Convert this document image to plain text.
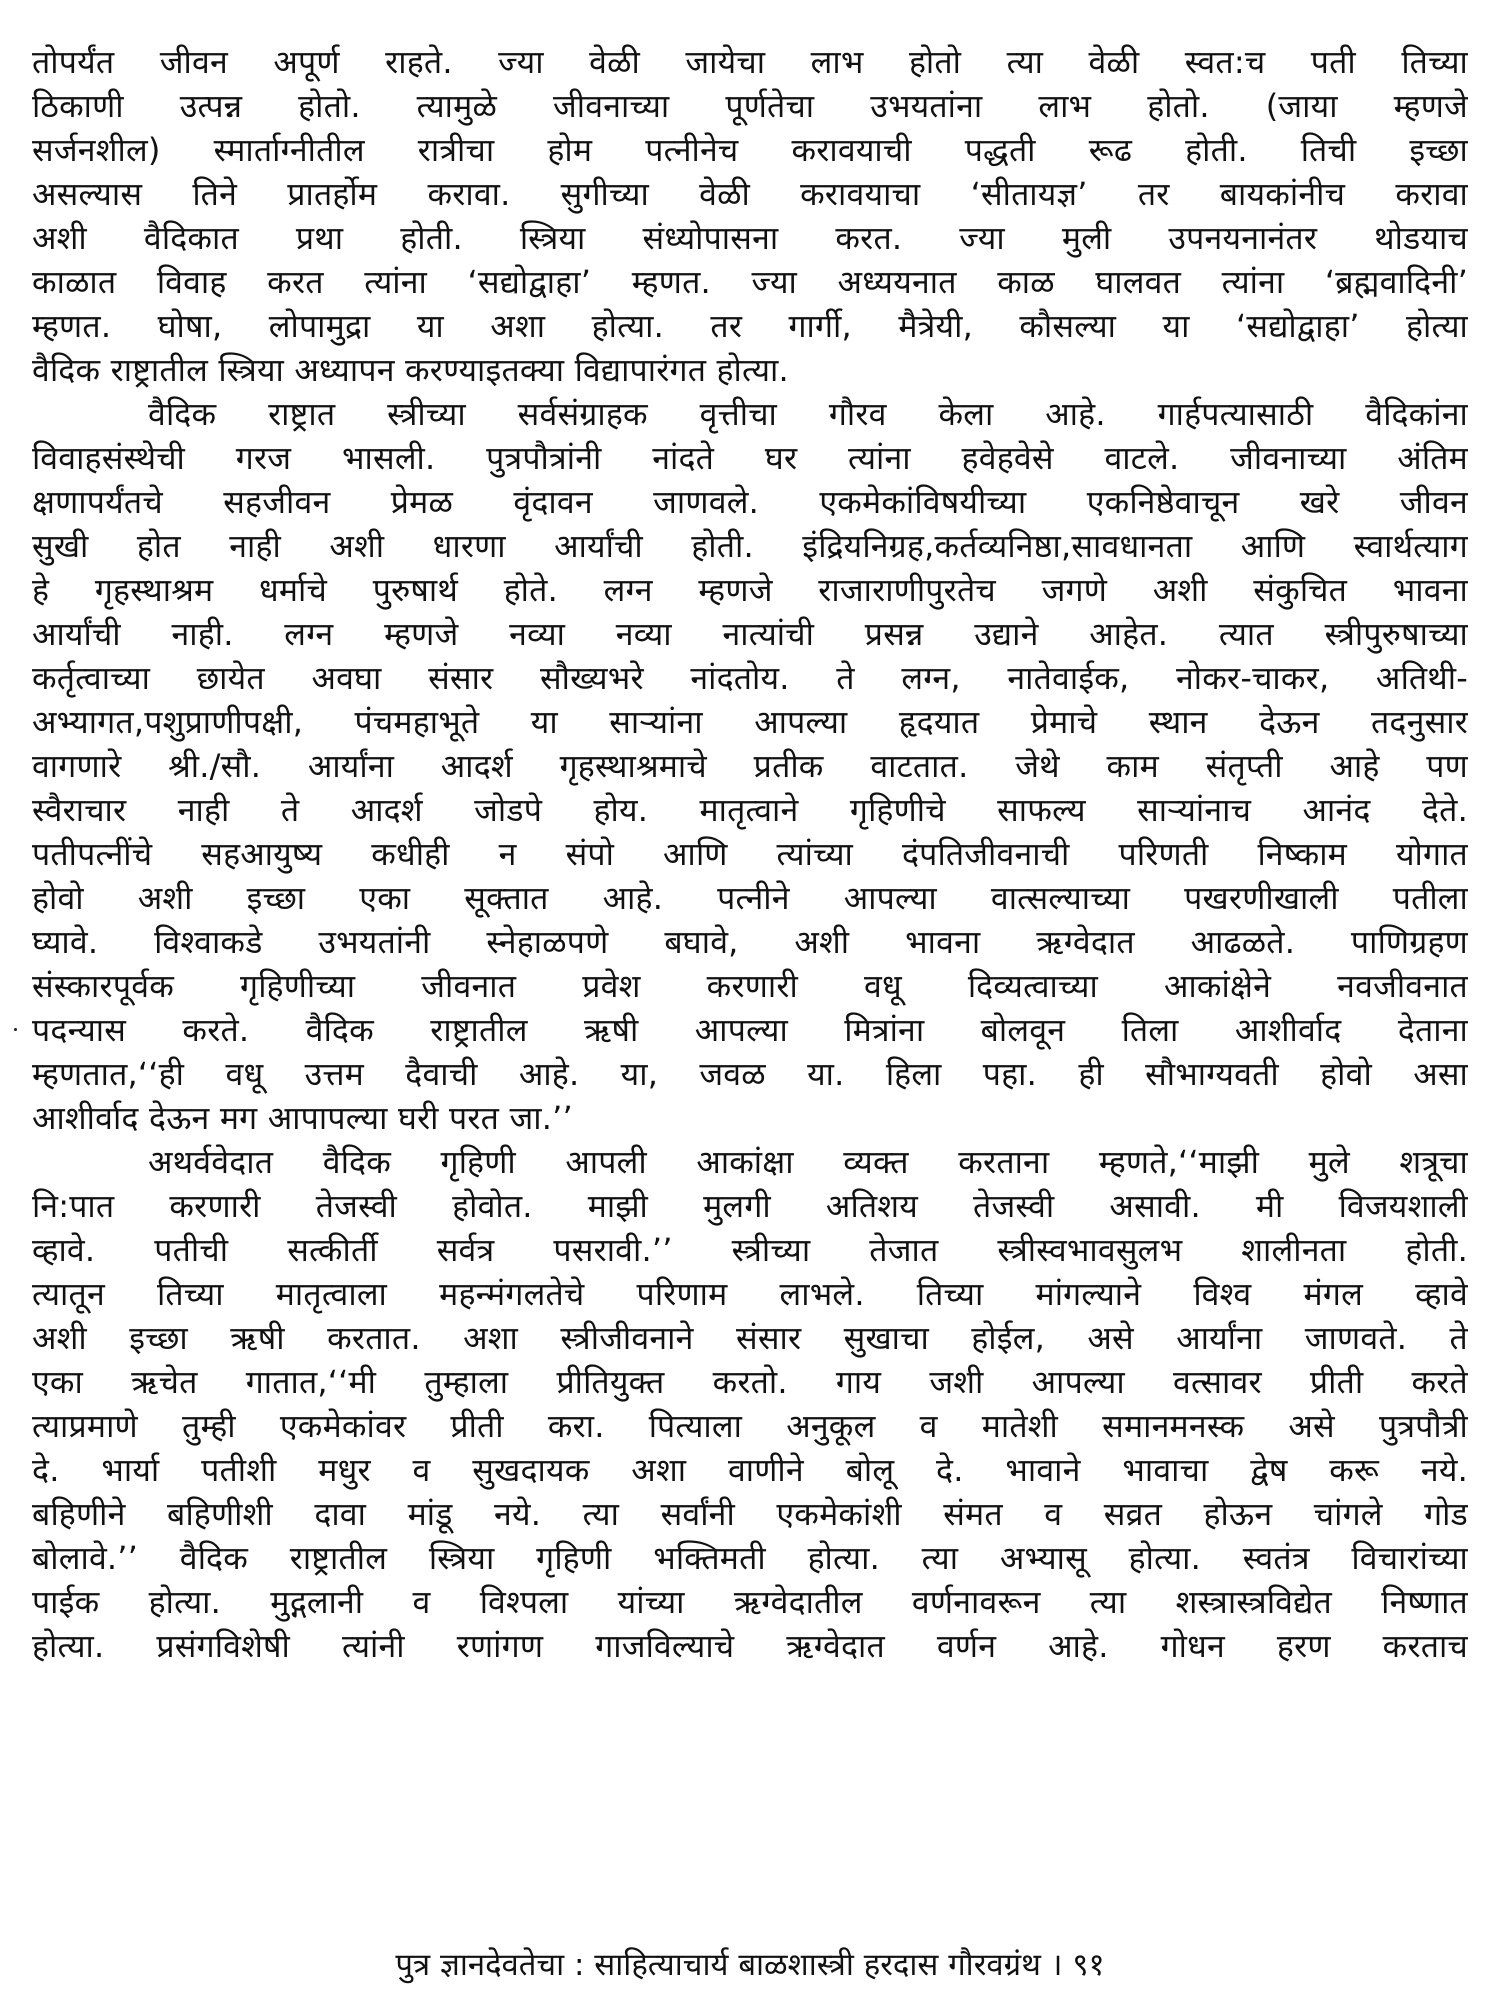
तोपर्यंत जीवन अपूर्ण राहते. ज्या वेळी जायेचा लाभ होतो त्या वेळी स्वत:च पती तिच्या
ठिकाणी उत्पन्न होतो. त्यामुळे जीवनाच्या पूर्णतेचा उभयतांना लाभ होतो. (जाया म्हणजे
सर्जनशील) स्मार्ताग्नीतील रात्रीचा होम पत्नीनेच करावयाची पद्धती रूढ होती. तिची इच्छा
असल्यास तिने प्रातर्होम करावा. सुगीच्या वेळी करावयाचा ‘सीतायज्ञ’ तर बायकांनीच करावा
अशी वैदिकात प्रथा होती. स्त्रिया संध्योपासना करत. ज्या मुली उपनयनानंतर थोडयाच
काळात विवाह करत त्यांना ‘सद्योद्वाहा’ म्हणत. ज्या अध्ययनात काळ घालवत त्यांना ‘ब्रह्मवादिनी’
म्हणत. घोषा, लोपामुद्रा या अशा होत्या. तर गार्गी, मैत्रेयी, कौसल्या या ‘सद्योद्वाहा’ होत्या
वैदिक राष्ट्रातील स्त्रिया अध्यापन करण्याइतक्या विद्यापारंगत होत्या.
वैदिक राष्ट्रात स्त्रीच्या सर्वसंग्राहक वृत्तीचा गौरव केला आहे. गार्हपत्यासाठी वैदिकांना
विवाहसंस्थेची गरज भासली. पुत्रपौत्रांनी नांदते घर त्यांना हवेहवेसे वाटले. जीवनाच्या अंतिम
क्षणापर्यंतचे सहजीवन प्रेमळ वृंदावन जाणवले. एकमेकांविषयीच्या एकनिष्ठेवाचून खरे जीवन
सुखी होत नाही अशी धारणा आर्यांची होती. इंद्रियनिग्रह,कर्तव्यनिष्ठा,सावधानता आणि स्वार्थत्याग
हे गृहस्थाश्रम धर्माचे पुरुषार्थ होते. लग्न म्हणजे राजाराणीपुरतेच जगणे अशी संकुचित भावना
आर्यांची नाही. लग्न म्हणजे नव्या नव्या नात्यांची प्रसन्न उद्याने आहेत. त्यात स्त्रीपुरुषाच्या
कर्तृत्वाच्या छायेत अवघा संसार सौख्यभरे नांदतोय. ते लग्न, नातेवाईक, नोकर-चाकर, अतिथी-
अभ्यागत,पशुप्राणीपक्षी, पंचमहाभूते या साऱ्यांना आपल्या हृदयात प्रेमाचे स्थान देऊन तदनुसार
वागणारे श्री./सौ. आर्यांना आदर्श गृहस्थाश्रमाचे प्रतीक वाटतात. जेथे काम संतृप्ती आहे पण
स्वैराचार नाही ते आदर्श जोडपे होय. मातृत्वाने गृहिणीचे साफल्य साऱ्यांनाच आनंद देते.
पतीपत्नींचे सहआयुष्य कधीही न संपो आणि त्यांच्या दंपतिजीवनाची परिणती निष्काम योगात
होवो अशी इच्छा एका सूक्तात आहे. पत्नीने आपल्या वात्सल्याच्या पखरणीखाली पतीला
घ्यावे. विश्वाकडे उभयतांनी स्नेहाळपणे बघावे, अशी भावना ऋग्वेदात आढळते. पाणिग्रहण
संस्कारपूर्वक गृहिणीच्या जीवनात प्रवेश करणारी वधू दिव्यत्वाच्या आकांक्षेने नवजीवनात
पदन्यास करते. वैदिक राष्ट्रातील ऋषी आपल्या मित्रांना बोलवून तिला आशीर्वाद देताना
म्हणतात,‘‘ही वधू उत्तम दैवाची आहे. या, जवळ या. हिला पहा. ही सौभाग्यवती होवो असा
आशीर्वाद देऊन मग आपापल्या घरी परत जा.’’
अथर्ववेदात वैदिक गृहिणी आपली आकांक्षा व्यक्त करताना म्हणते,‘‘माझी मुले शत्रूचा
नि:पात करणारी तेजस्वी होवोत. माझी मुलगी अतिशय तेजस्वी असावी. मी विजयशाली
व्हावे. पतीची सत्कीर्ती सर्वत्र पसरावी.’’ स्त्रीच्या तेजात स्त्रीस्वभावसुलभ शालीनता होती.
त्यातून तिच्या मातृत्वाला महन्मंगलतेचे परिणाम लाभले. तिच्या मांगल्याने विश्व मंगल व्हावे
अशी इच्छा ऋषी करतात. अशा स्त्रीजीवनाने संसार सुखाचा होईल, असे आर्यांना जाणवते. ते
एका ऋचेत गातात,‘‘मी तुम्हाला प्रीतियुक्त करतो. गाय जशी आपल्या वत्सावर प्रीती करते
त्याप्रमाणे तुम्ही एकमेकांवर प्रीती करा. पित्याला अनुकूल व मातेशी समानमनस्क असे पुत्रपौत्री
दे. भार्या पतीशी मधुर व सुखदायक अशा वाणीने बोलू दे. भावाने भावाचा द्वेष करू नये.
बहिणीने बहिणीशी दावा मांडू नये. त्या सर्वांनी एकमेकांशी संमत व सव्रत होऊन चांगले गोड
बोलावे.’’ वैदिक राष्ट्रातील स्त्रिया गृहिणी भक्तिमती होत्या. त्या अभ्यासू होत्या. स्वतंत्र विचारांच्या
पाईक होत्या. मुद्गलानी व विश्पला यांच्या ऋग्वेदातील वर्णनावरून त्या शस्त्रास्त्रविद्येत निष्णात
होत्या. प्रसंगविशेषी त्यांनी रणांगण गाजविल्याचे ऋग्वेदात वर्णन आहे. गोधन हरण करताच
पुत्र ज्ञानदेवतेचा : साहित्याचार्य बाळशास्त्री हरदास गौरवग्रंथ । ९१
